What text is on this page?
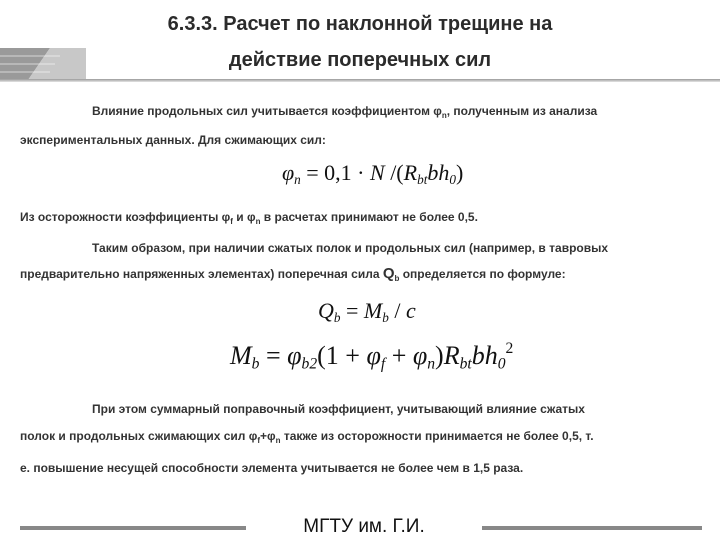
6.3.3. Расчет по наклонной трещине на
действие поперечных сил
Влияние продольных сил учитывается коэффициентом $\varphi_n$, полученным из анализа
экспериментальных данных. Для сжимающих сил:
φn = 0,1 · N /(Rbtbh0)
Из осторожности коэффициенты $\varphi_f$ и $\varphi_n$ в расчетах принимают не более 0,5.
Таким образом, при наличии сжатых полок и продольных сил (например, в тавровых
предварительно напряженных элементах) поперечная сила $Q_b$ определяется по формуле:
Qb = Mb / c
$Mb = \varphi b2(1 + \varphi f + \varphi n)Rbtbh0^2$
При этом суммарный поправочный коэффициент, учитывающий влияние сжатых
полок и продольных сжимающих сил $\varphi_f+\varphi_n$ также из осторожности принимается не более 0,5, т.
е. повышение несущей способности элемента учитывается не более чем в 1,5 раза.
МГТУ им. Г.И.
